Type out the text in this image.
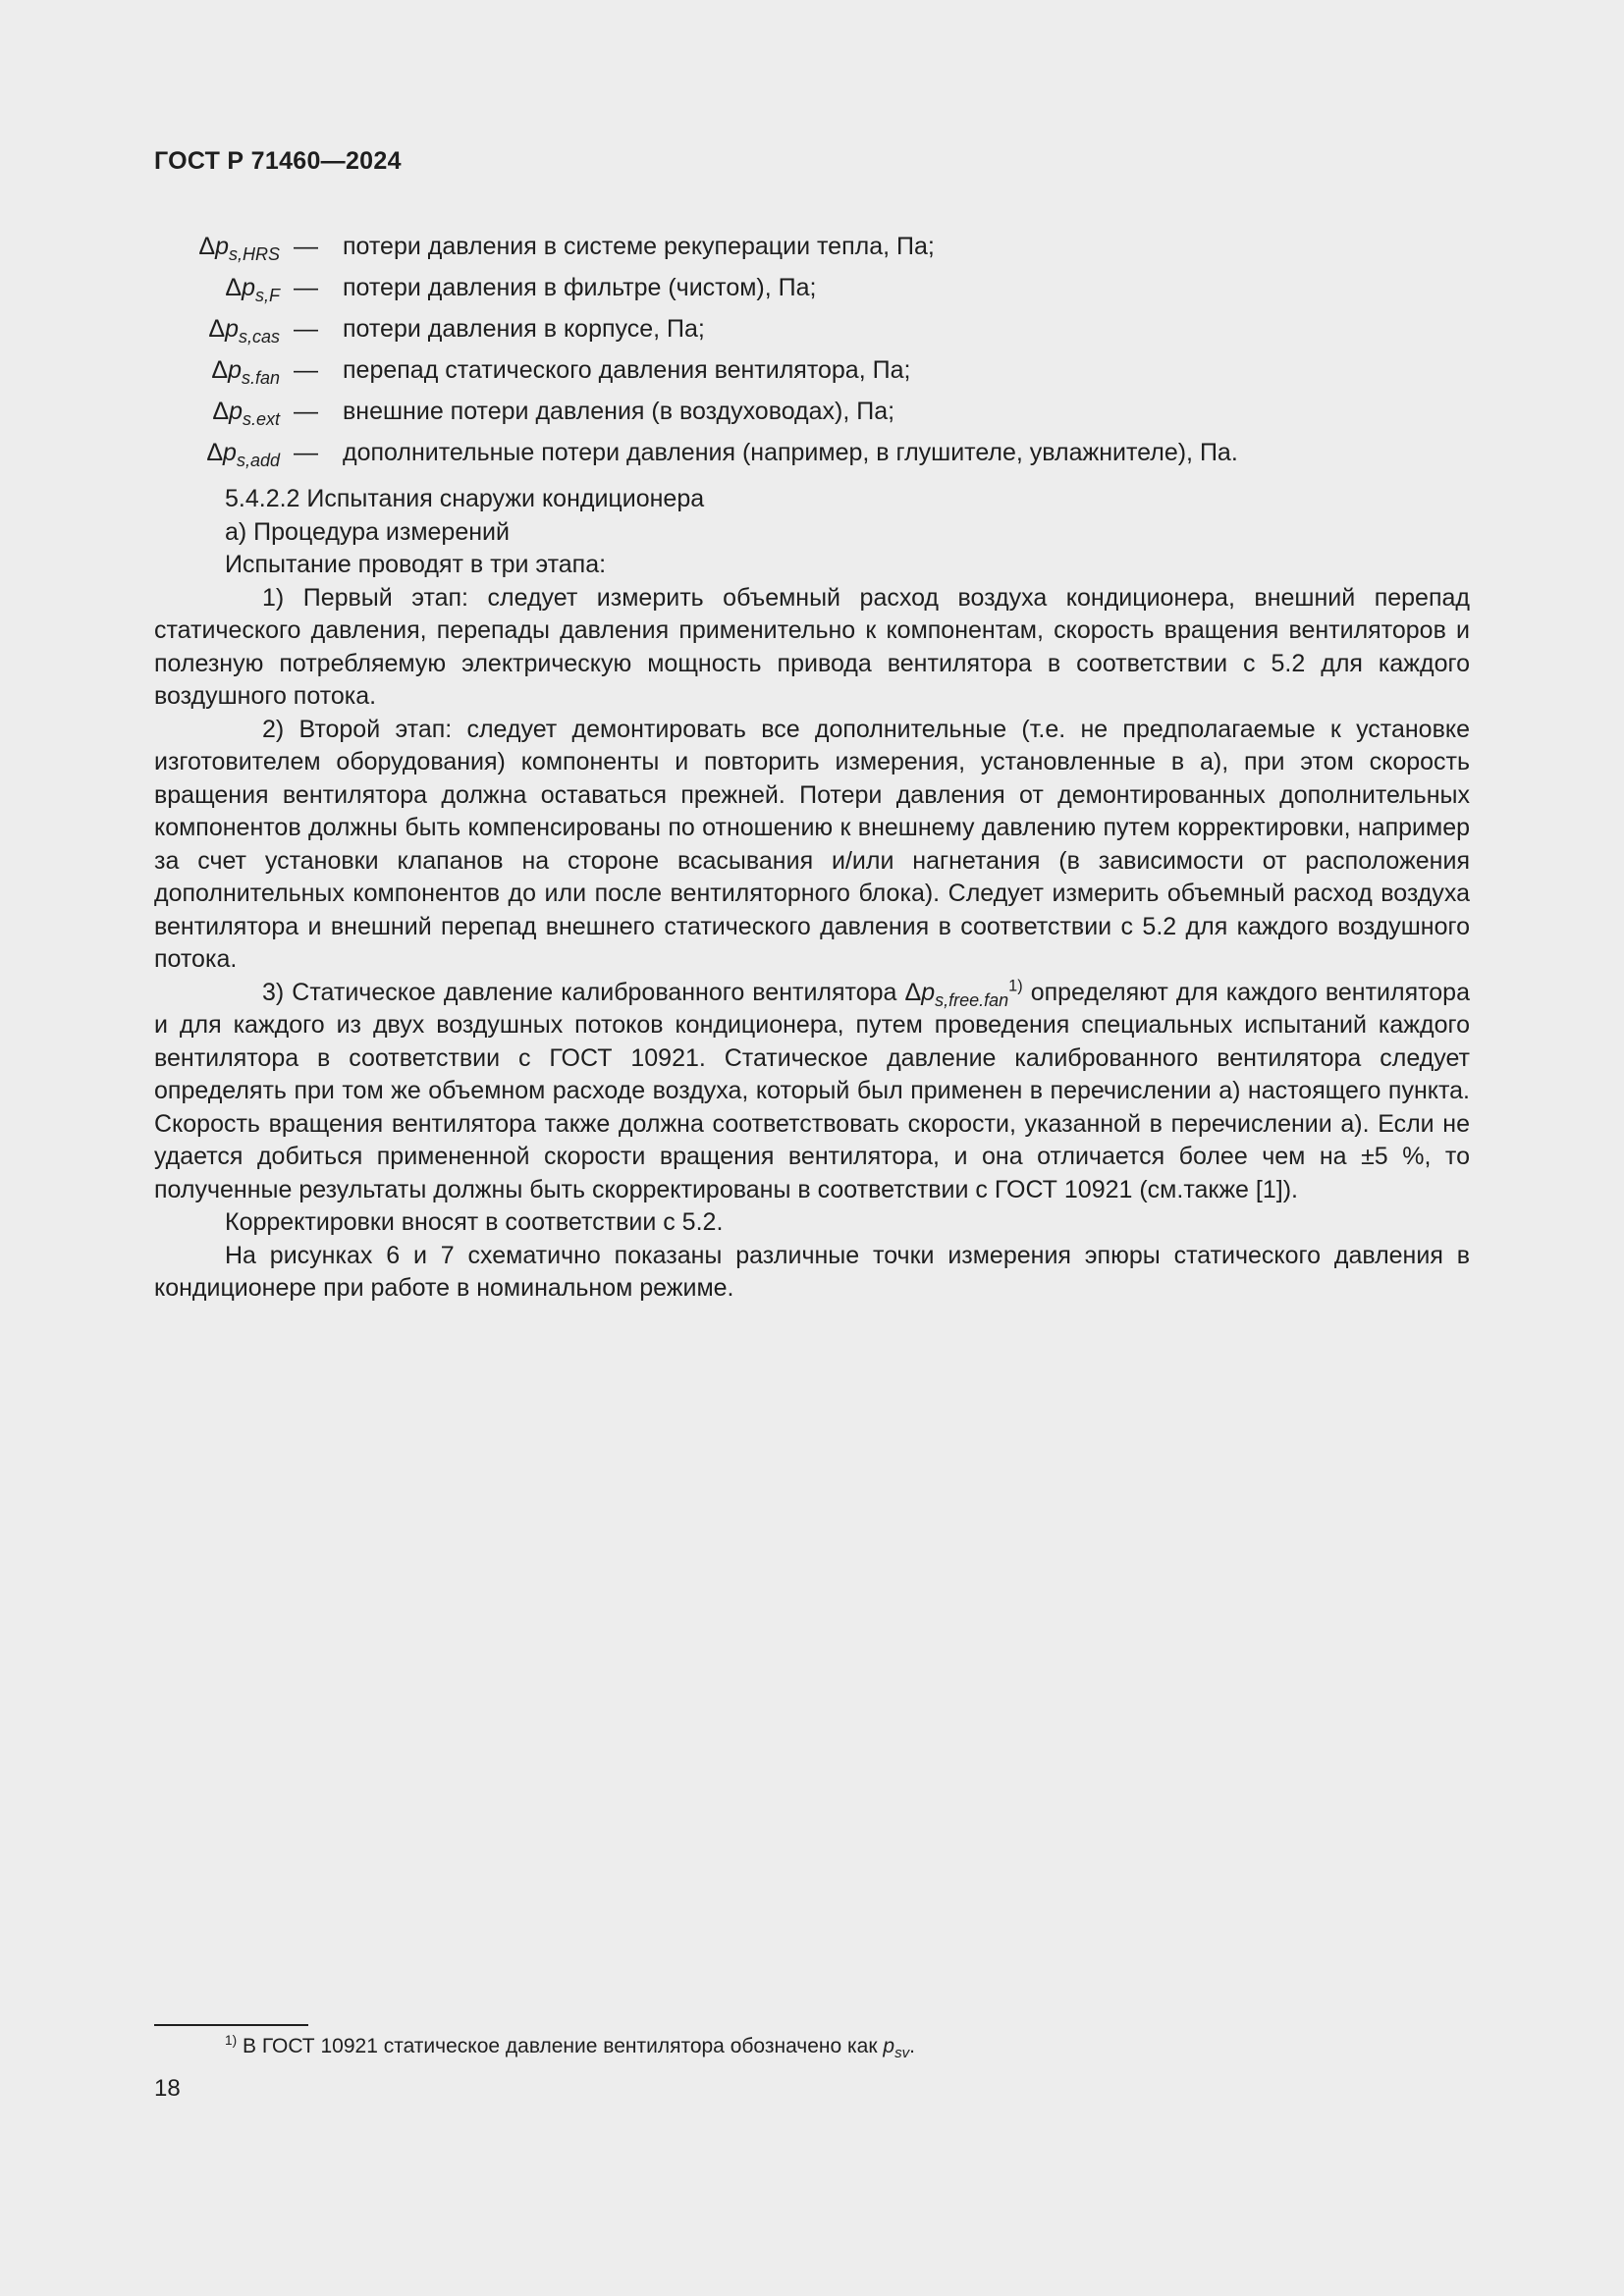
ГОСТ Р 71460—2024
$\Delta p_{s,HRS}$ — потери давления в системе рекуперации тепла, Па;
$\Delta p_{s,F}$ — потери давления в фильтре (чистом), Па;
$\Delta p_{s,cas}$ — потери давления в корпусе, Па;
$\Delta p_{s.fan}$ — перепад статического давления вентилятора, Па;
$\Delta p_{s.ext}$ — внешние потери давления (в воздуховодах), Па;
$\Delta p_{s,add}$ — дополнительные потери давления (например, в глушителе, увлажнителе), Па.

5.4.2.2 Испытания снаружи кондиционера

а) Процедура измерений

Испытание проводят в три этапа:

1) Первый этап: следует измерить объемный расход воздуха кондиционера, внешний перепад статического давления, перепады давления применительно к компонентам, скорость вращения вентиляторов и полезную потребляемую электрическую мощность привода вентилятора в соответствии с 5.2 для каждого воздушного потока.

2) Второй этап: следует демонтировать все дополнительные (т.е. не предполагаемые к установке изготовителем оборудования) компоненты и повторить измерения, установленные в а), при этом скорость вращения вентилятора должна оставаться прежней. Потери давления от демонтированных дополнительных компонентов должны быть компенсированы по отношению к внешнему давлению путем корректировки, например за счет установки клапанов на стороне всасывания и/или нагнетания (в зависимости от расположения дополнительных компонентов до или после вентиляторного блока). Следует измерить объемный расход воздуха вентилятора и внешний перепад внешнего статического давления в соответствии с 5.2 для каждого воздушного потока.

3) Статическое давление калиброванного вентилятора $\Delta p_{s,free.fan}^{1)}$ определяют для каждого вентилятора и для каждого из двух воздушных потоков кондиционера, путем проведения специальных испытаний каждого вентилятора в соответствии с ГОСТ 10921. Статическое давление калиброванного вентилятора следует определять при том же объемном расходе воздуха, который был применен в перечислении а) настоящего пункта. Скорость вращения вентилятора также должна соответствовать скорости, указанной в перечислении а). Если не удается добиться примененной скорости вращения вентилятора, и она отличается более чем на ±5 %, то полученные результаты должны быть скорректированы в соответствии с ГОСТ 10921 (см.также [1]).

Корректировки вносят в соответствии с 5.2.

На рисунках 6 и 7 схематично показаны различные точки измерения эпюры статического давления в кондиционере при работе в номинальном режиме.

$^{1)}$ В ГОСТ 10921 статическое давление вентилятора обозначено как $p_{sv}$.
18
